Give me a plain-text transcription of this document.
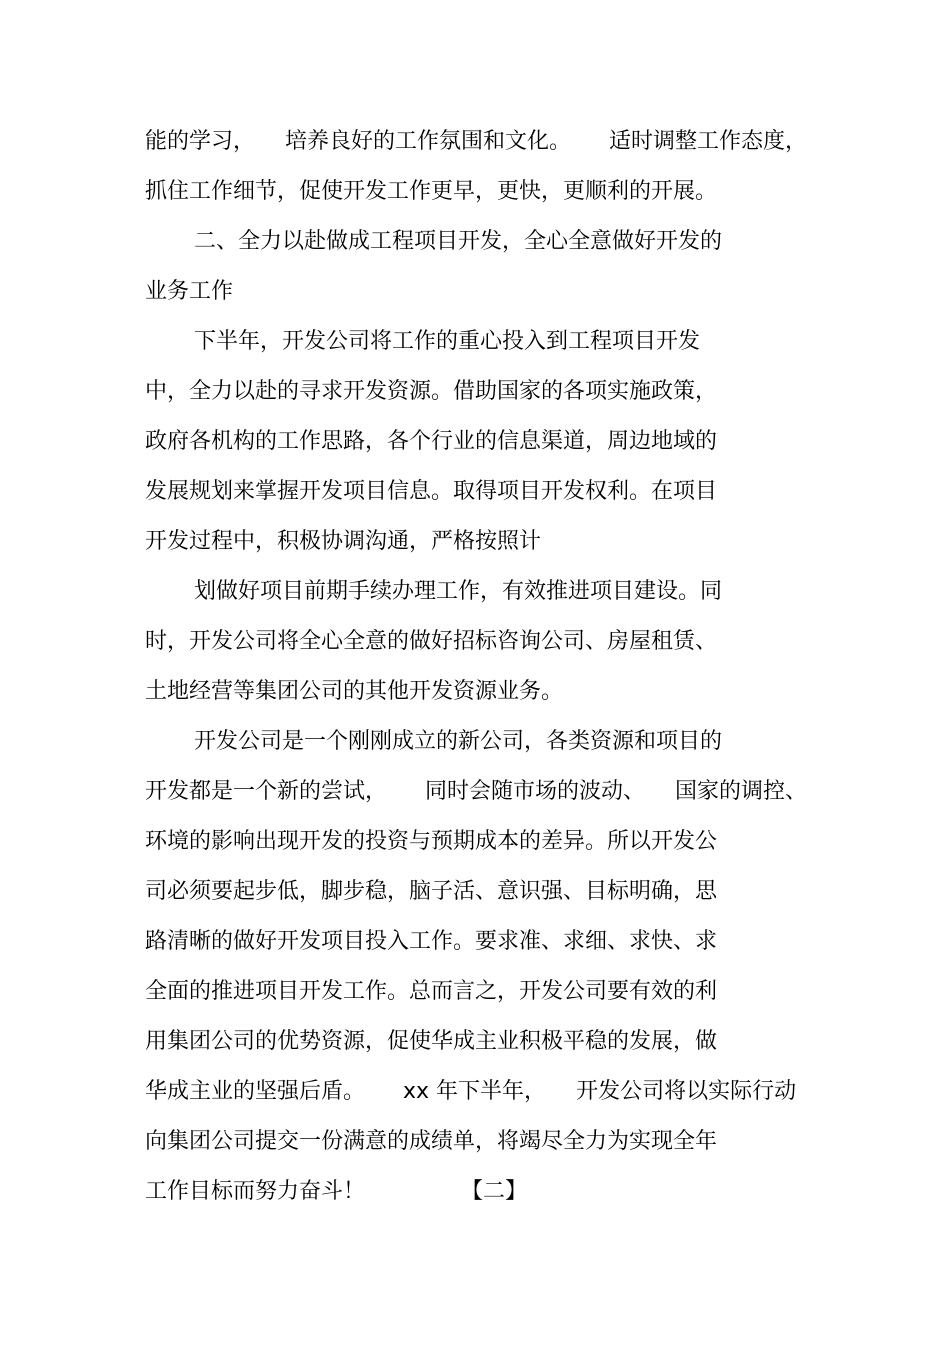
能的学习， 培养良好的工作氛围和文化。 适时调整工作态度，
抓住工作细节，促使开发工作更早，更快，更顺利的开展。
二、全力以赴做成工程项目开发，全心全意做好开发的
业务工作
下半年，开发公司将工作的重心投入到工程项目开发
中，全力以赴的寻求开发资源。借助国家的各项实施政策，
政府各机构的工作思路，各个行业的信息渠道，周边地域的
发展规划来掌握开发项目信息。取得项目开发权利。在项目
开发过程中，积极协调沟通，严格按照计
划做好项目前期手续办理工作，有效推进项目建设。同
时，开发公司将全心全意的做好招标咨询公司、房屋租赁、
土地经营等集团公司的其他开发资源业务。
开发公司是一个刚刚成立的新公司，各类资源和项目的
开发都是一个新的尝试， 同时会随市场的波动、 国家的调控、
环境的影响出现开发的投资与预期成本的差异。所以开发公
司必须要起步低，脚步稳，脑子活、意识强、目标明确，思
路清晰的做好开发项目投入工作。要求准、求细、求快、求
全面的推进项目开发工作。总而言之，开发公司要有效的利
用集团公司的优势资源，促使华成主业积极平稳的发展，做
华成主业的坚强后盾。 xx 年下半年， 开发公司将以实际行动
向集团公司提交一份满意的成绩单，将竭尽全力为实现全年
工作目标而努力奋斗！	【二】
